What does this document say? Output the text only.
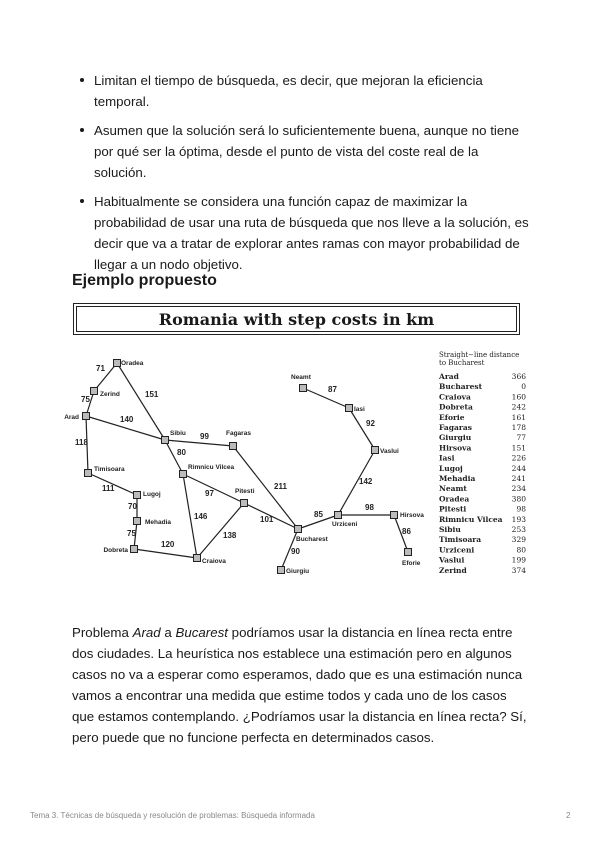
Limitan el tiempo de búsqueda, es decir, que mejoran la eficiencia temporal.
Asumen que la solución será lo suficientemente buena, aunque no tiene por qué ser la óptima, desde el punto de vista del coste real de la solución.
Habitualmente se considera una función capaz de maximizar la probabilidad de usar una ruta de búsqueda que nos lleve a la solución, es decir que va a tratar de explorar antes ramas con mayor probabilidad de llegar a un nodo objetivo.
Ejemplo propuesto
Romania with step costs in km
71
151
75
140
118
99
80
111
70
75
120
146
97
138
101
211
90
85
98
86
142
92
87
Oradea
Zerind
Arad
Sibiu	Fagaras
Timisoara	Rimnicu Vilcea
Lugoj	Pitesti
Mehadia
Dobreta
Craiova
Bucharest
Giurgiu
Urziceni
Hirsova
Eforie
Vaslui
Iasi
Neamt
Straight−line distance
to Bucharest
Arad	366
Bucharest	0
Craiova	160
Dobreta	242
Eforie	161
Fagaras	178
Giurgiu	77
Hirsova	151
Iasi	226
Lugoj	244
Mehadia	241
Neamt	234
Oradea	380
Pitesti	98
Rimnicu Vilcea 193
Sibiu	253
Timisoara	329
Urziceni	80
Vaslui	199
Zerind	374

Problema Arad a Bucarest podríamos usar la distancia en línea recta entre dos ciudades. La heurística nos establece una estimación pero en algunos casos no va a esperar como esperamos, dado que es una estimación nunca vamos a encontrar una medida que estime todos y cada uno de los casos que estamos contemplando. ¿Podríamos usar la distancia en línea recta? Sí, pero puede que no funcione perfecta en determinados casos.

Tema 3. Técnicas de búsqueda y resolución de problemas: Búsqueda informada	2
